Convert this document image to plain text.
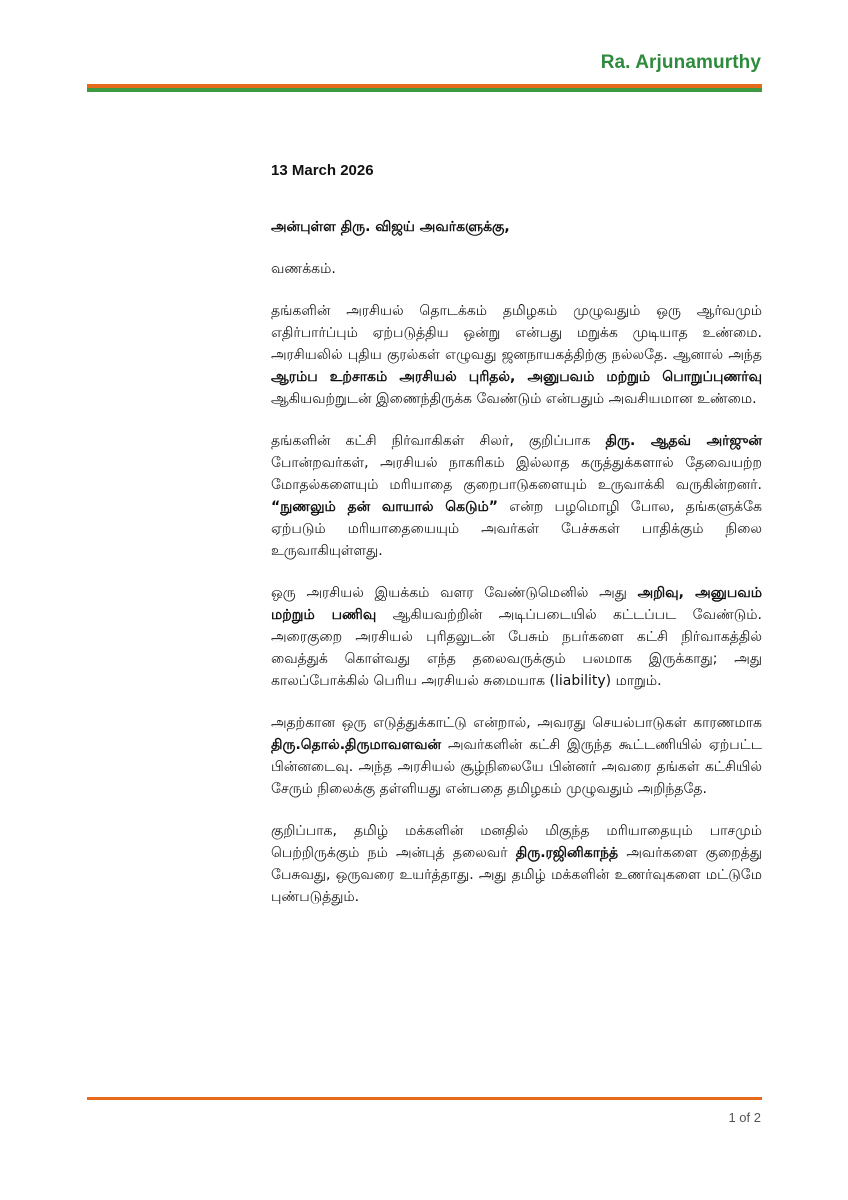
Ra. Arjunamurthy
13 March 2026
அன்புள்ள திரு. விஜய் அவர்களுக்கு,
வணக்கம்.

தங்களின் அரசியல் தொடக்கம் தமிழகம் முழுவதும் ஒரு ஆர்வமும் எதிர்பார்ப்பும் ஏற்படுத்திய ஒன்று என்பது மறுக்க முடியாத உண்மை. அரசியலில் புதிய குரல்கள் எழுவது ஜனநாயகத்திற்கு நல்லதே. ஆனால் அந்த ஆரம்ப உற்சாகம் அரசியல் புரிதல், அனுபவம் மற்றும் பொறுப்புணர்வு ஆகியவற்றுடன் இணைந்திருக்க வேண்டும் என்பதும் அவசியமான உண்மை.

தங்களின் கட்சி நிர்வாகிகள் சிலர், குறிப்பாக திரு. ஆதவ் அர்ஜுன் போன்றவர்கள், அரசியல் நாகரிகம் இல்லாத கருத்துக்களால் தேவையற்ற மோதல்களையும் மரியாதை குறைபாடுகளையும் உருவாக்கி வருகின்றனர். “நுணலும் தன் வாயால் கெடும்” என்ற பழமொழி போல, தங்களுக்கே ஏற்படும் மரியாதையையும் அவர்கள் பேச்சுகள் பாதிக்கும் நிலை உருவாகியுள்ளது.

ஒரு அரசியல் இயக்கம் வளர வேண்டுமெனில் அது அறிவு, அனுபவம் மற்றும் பணிவு ஆகியவற்றின் அடிப்படையில் கட்டப்பட வேண்டும். அரைகுறை அரசியல் புரிதலுடன் பேசும் நபர்களை கட்சி நிர்வாகத்தில் வைத்துக் கொள்வது எந்த தலைவருக்கும் பலமாக இருக்காது; அது காலப்போக்கில் பெரிய அரசியல் சுமையாக (liability) மாறும்.

அதற்கான ஒரு எடுத்துக்காட்டு என்றால், அவரது செயல்பாடுகள் காரணமாக திரு.தொல்.திருமாவளவன் அவர்களின் கட்சி இருந்த கூட்டணியில் ஏற்பட்ட பின்னடைவு. அந்த அரசியல் சூழ்நிலையே பின்னர் அவரை தங்கள் கட்சியில் சேரும் நிலைக்கு தள்ளியது என்பதை தமிழகம் முழுவதும் அறிந்ததே.

குறிப்பாக, தமிழ் மக்களின் மனதில் மிகுந்த மரியாதையும் பாசமும் பெற்றிருக்கும் நம் அன்புத் தலைவர் திரு.ரஜினிகாந்த் அவர்களை குறைத்து பேசுவது, ஒருவரை உயர்த்தாது. அது தமிழ் மக்களின் உணர்வுகளை மட்டுமே புண்படுத்தும்.

1 of 2
